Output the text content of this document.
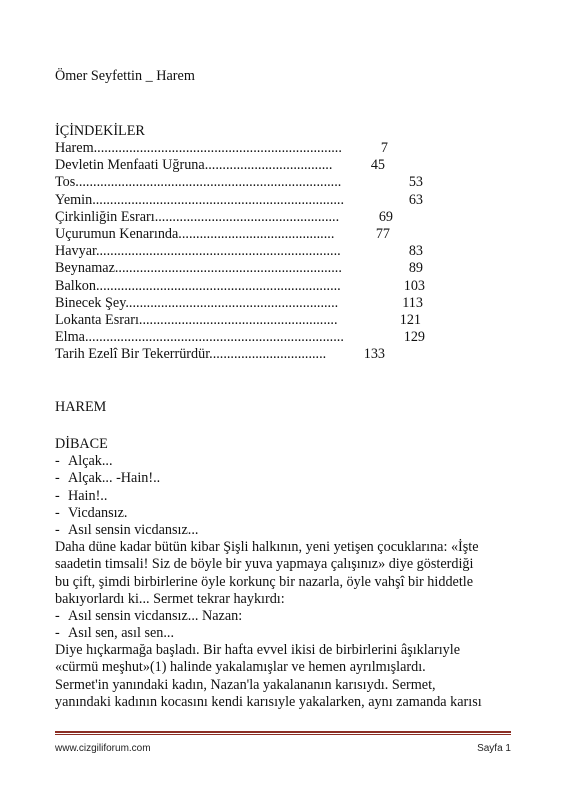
Ömer Seyfettin _ Harem
İÇİNDEKİLER
Harem......................................................................	7
Devletin Menfaati Uğruna....................................	45
Tos...........................................................................	53
Yemin.......................................................................	63
Çirkinliğin Esrarı....................................................	69
Uçurumun Kenarında............................................	77
Havyar.....................................................................	83
Beynamaz................................................................	89
Balkon.....................................................................	103
Binecek Şey............................................................	113
Lokanta Esrarı........................................................	121
Elma.........................................................................	129
Tarih Ezelî Bir Tekerrürdür.................................	133
HAREM
DİBACE
- Alçak...
- Alçak... -Hain!..
- Hain!..
- Vicdansız.
- Asıl sensin vicdansız...
Daha düne kadar bütün kibar Şişli halkının, yeni yetişen çocuklarına: «İşte
saadetin timsali! Siz de böyle bir yuva yapmaya çalışınız» diye gösterdiği
bu çift, şimdi birbirlerine öyle korkunç bir nazarla, öyle vahşî bir hiddetle
bakıyorlardı ki... Sermet tekrar haykırdı:
- Asıl sensin vicdansız... Nazan:
- Asıl sen, asıl sen...
Diye hıçkarmağa başladı. Bir hafta evvel ikisi de birbirlerini âşıklarıyle
«cürmü meşhut»(1) halinde yakalamışlar ve hemen ayrılmışlardı.
Sermet'in yanındaki kadın, Nazan'la yakalananın karısıydı. Sermet,
yanındaki kadının kocasını kendi karısıyle yakalarken, aynı zamanda karısı
www.cizgiliforum.com	Sayfa 1
